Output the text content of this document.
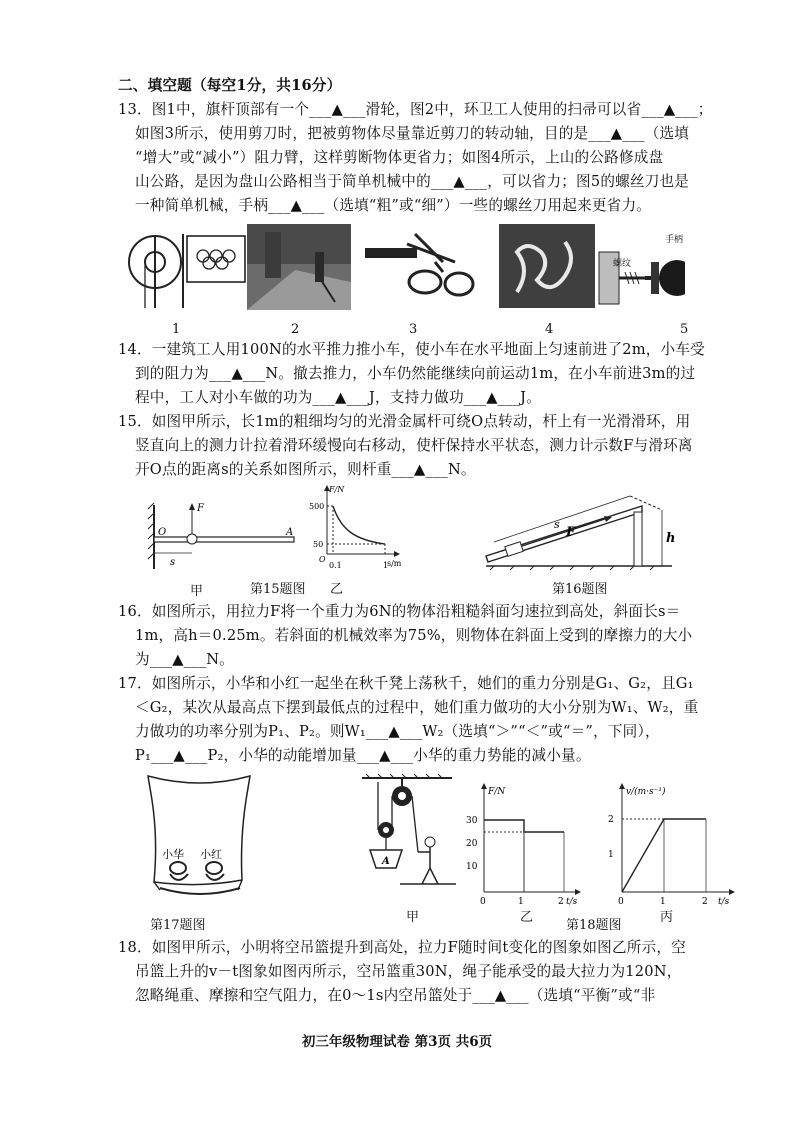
二、填空题（每空1分，共16分）
13．图1中，旗杆顶部有一个___▲___滑轮，图2中，环卫工人使用的扫帚可以省___▲___；
如图3所示，使用剪刀时，把被剪物体尽量靠近剪刀的转动轴，目的是___▲___（选填
“增大”或“减小”）阻力臂，这样剪断物体更省力；如图4所示，上山的公路修成盘
山公路，是因为盘山公路相当于简单机械中的___▲___，可以省力；图5的螺丝刀也是
一种简单机械，手柄___▲___（选填“粗”或“细”）一些的螺丝刀用起来更省力。
螺纹
手柄
1	2	3	4	5
14．一建筑工人用100N的水平推力推小车，使小车在水平地面上匀速前进了2m，小车受
到的阻力为___▲___N。撤去推力，小车仍然能继续向前运动1m，在小车前进3m的过
程中，工人对小车做的功为___▲___J，支持力做功___▲___J。
15．如图甲所示，长1m的粗细均匀的光滑金属杆可绕O点转动，杆上有一光滑滑环，用
竖直向上的测力计拉着滑环缓慢向右移动，使杆保持水平状态，测力计示数F与滑环离
开O点的距离s的关系如图所示，则杆重___▲___N。
O	A
F
s
F/N
s/m
500
50
O
0.1	1
甲	第15题图 乙
s
F	h
第16题图
16．如图所示，用拉力F将一个重力为6N的物体沿粗糙斜面匀速拉到高处，斜面长s＝
1m，高h＝0.25m。若斜面的机械效率为75%，则物体在斜面上受到的摩擦力的大小
为___▲___N。
17．如图所示，小华和小红一起坐在秋千凳上荡秋千，她们的重力分别是G₁、G₂，且G₁
＜G₂，某次从最高点下摆到最低点的过程中，她们重力做功的大小分别为W₁、W₂，重
力做功的功率分别为P₁、P₂。则W₁___▲___W₂（选填“＞”“＜”或“＝”，下同），
P₁___▲___P₂，小华的动能增加量___▲___小华的重力势能的减小量。
小华 小红
第17题图
A
甲
F/N
t/s
30
20
10
0	1	2
乙
v/(m·s⁻¹)
t/s
2
1
0	1	2
第18题图
丙
18．如图甲所示，小明将空吊篮提升到高处，拉力F随时间t变化的图象如图乙所示，空
吊篮上升的v－t图象如图丙所示，空吊篮重30N，绳子能承受的最大拉力为120N，
忽略绳重、摩擦和空气阻力，在0～1s内空吊篮处于___▲___（选填“平衡”或“非
初三年级物理试卷 第3页 共6页
